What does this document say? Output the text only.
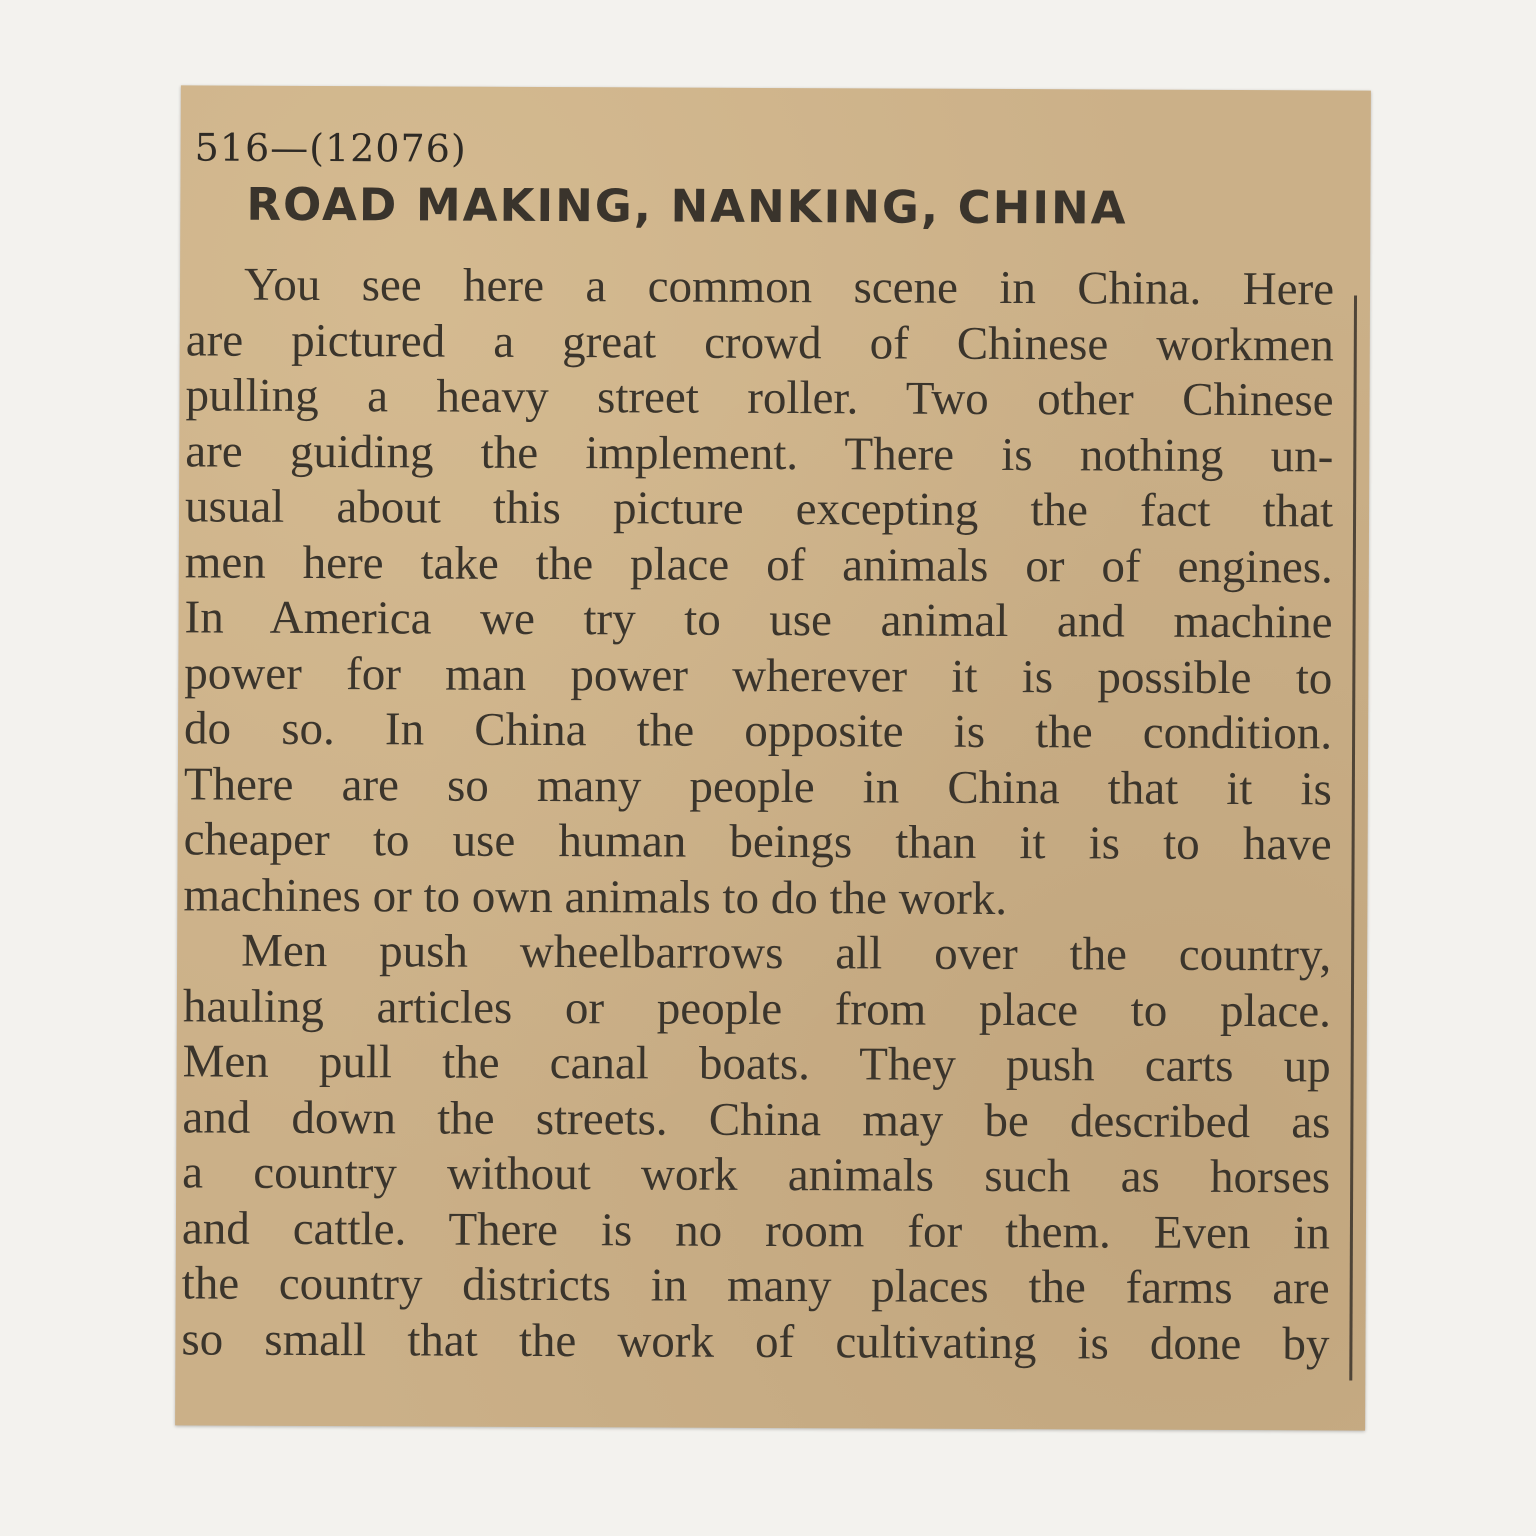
516—(12076)
ROAD MAKING, NANKING, CHINA
You see here a common scene in China. Here
are pictured a great crowd of Chinese workmen
pulling a heavy street roller. Two other Chinese
are guiding the implement. There is nothing un-
usual about this picture excepting the fact that
men here take the place of animals or of engines.
In America we try to use animal and machine
power for man power wherever it is possible to
do so. In China the opposite is the condition.
There are so many people in China that it is
cheaper to use human beings than it is to have
machines or to own animals to do the work.
Men push wheelbarrows all over the country,
hauling articles or people from place to place.
Men pull the canal boats. They push carts up
and down the streets. China may be described as
a country without work animals such as horses
and cattle. There is no room for them. Even in
the country districts in many places the farms are
so small that the work of cultivating is done by
